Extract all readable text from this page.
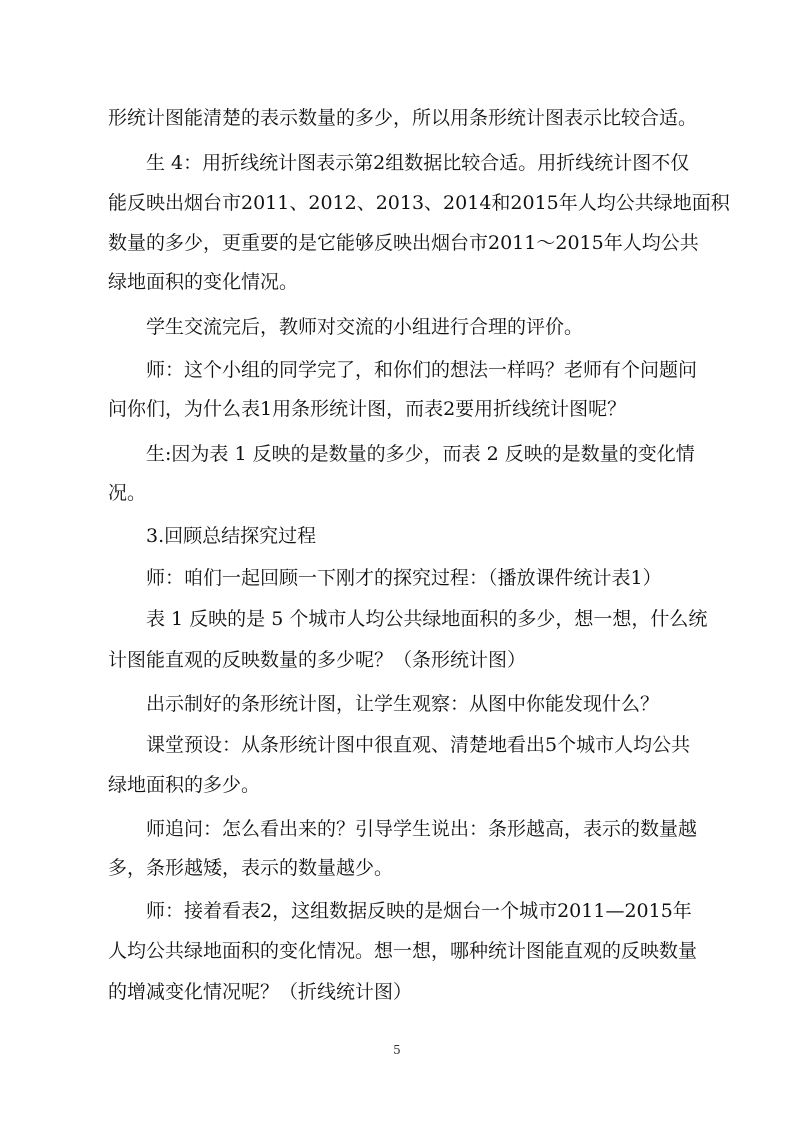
形统计图能清楚的表示数量的多少，所以用条形统计图表示比较合适。
生 4：用折线统计图表示第2组数据比较合适。用折线统计图不仅
能反映出烟台市2011、2012、2013、2014和2015年人均公共绿地面积
数量的多少，更重要的是它能够反映出烟台市2011～2015年人均公共
绿地面积的变化情况。
学生交流完后，教师对交流的小组进行合理的评价。
师：这个小组的同学完了，和你们的想法一样吗？老师有个问题问
问你们，为什么表1用条形统计图，而表2要用折线统计图呢？
生:因为表 1 反映的是数量的多少，而表 2 反映的是数量的变化情
况。
3.回顾总结探究过程
师：咱们一起回顾一下刚才的探究过程：（播放课件统计表1）
表 1 反映的是 5 个城市人均公共绿地面积的多少，想一想，什么统
计图能直观的反映数量的多少呢？（条形统计图）
出示制好的条形统计图，让学生观察：从图中你能发现什么？
课堂预设：从条形统计图中很直观、清楚地看出5个城市人均公共
绿地面积的多少。
师追问：怎么看出来的？引导学生说出：条形越高，表示的数量越
多，条形越矮，表示的数量越少。
师：接着看表2，这组数据反映的是烟台一个城市2011—2015年
人均公共绿地面积的变化情况。想一想，哪种统计图能直观的反映数量
的增减变化情况呢？（折线统计图）
5
